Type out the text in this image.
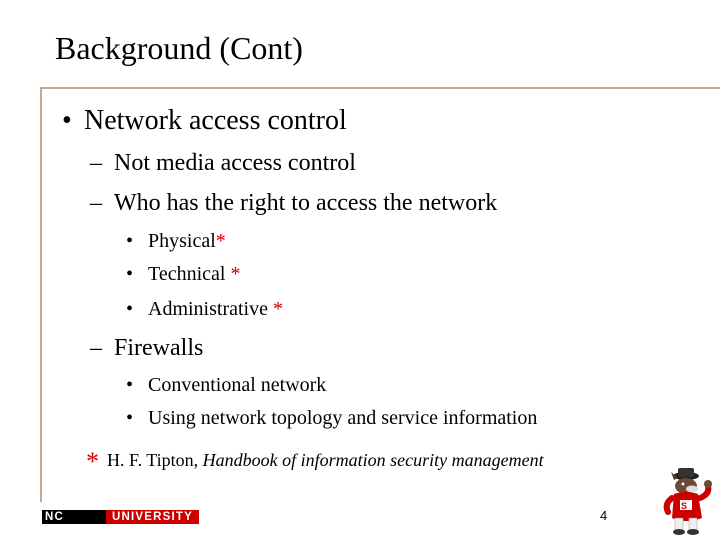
Background (Cont)
• Network access control
– Not media access control
– Who has the right to access the network
• Physical*
• Technical *
• Administrative *
– Firewalls
• Conventional network
• Using network topology and service information
* H. F. Tipton, Handbook of information security management
NC STATE
UNIVERSITY	4
S
